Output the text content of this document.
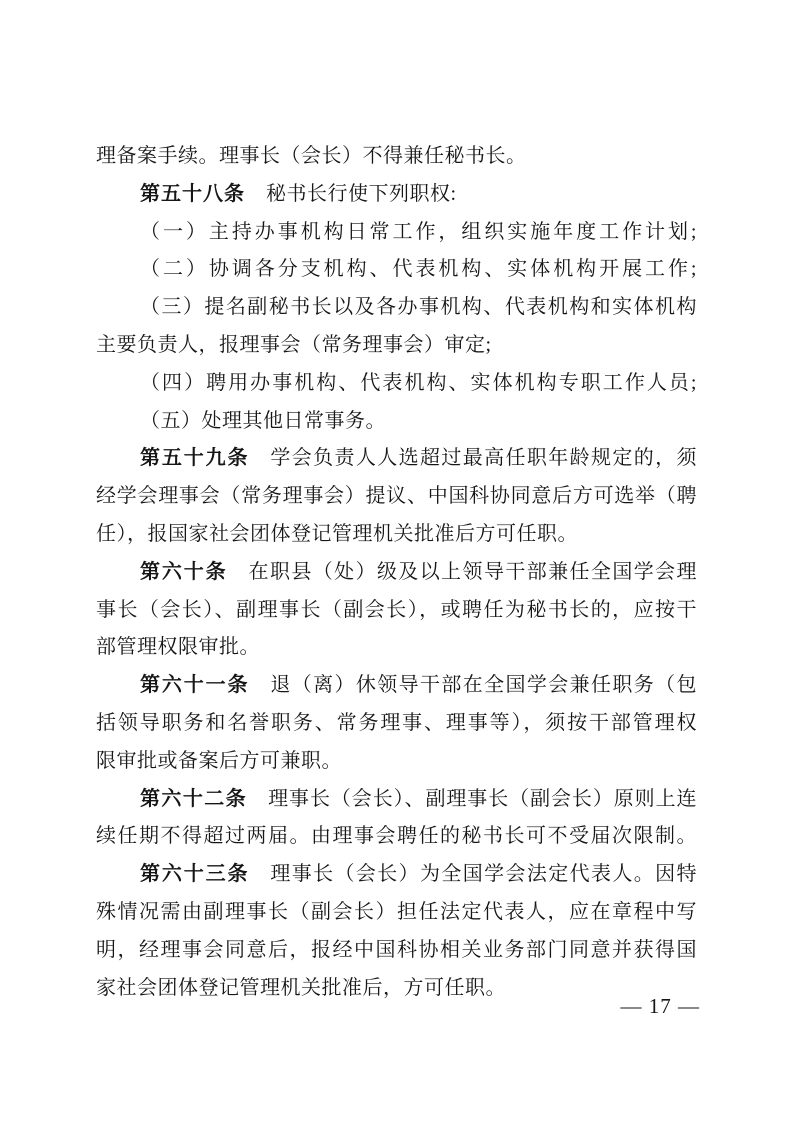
理备案手续。理事长（会长）不得兼任秘书长。
第五十八条 秘书长行使下列职权:
（一）主持办事机构日常工作，组织实施年度工作计划;
（二）协调各分支机构、代表机构、实体机构开展工作;
（三）提名副秘书长以及各办事机构、代表机构和实体机构
主要负责人，报理事会（常务理事会）审定;
（四）聘用办事机构、代表机构、实体机构专职工作人员;
（五）处理其他日常事务。
第五十九条 学会负责人人选超过最高任职年龄规定的，须
经学会理事会（常务理事会）提议、中国科协同意后方可选举（聘
任），报国家社会团体登记管理机关批准后方可任职。
第六十条 在职县（处）级及以上领导干部兼任全国学会理
事长（会长）、副理事长（副会长），或聘任为秘书长的，应按干
部管理权限审批。
第六十一条 退（离）休领导干部在全国学会兼任职务（包
括领导职务和名誉职务、常务理事、理事等），须按干部管理权
限审批或备案后方可兼职。
第六十二条 理事长（会长）、副理事长（副会长）原则上连
续任期不得超过两届。由理事会聘任的秘书长可不受届次限制。
第六十三条 理事长（会长）为全国学会法定代表人。因特
殊情况需由副理事长（副会长）担任法定代表人，应在章程中写
明，经理事会同意后，报经中国科协相关业务部门同意并获得国
家社会团体登记管理机关批准后，方可任职。
— 17 —
